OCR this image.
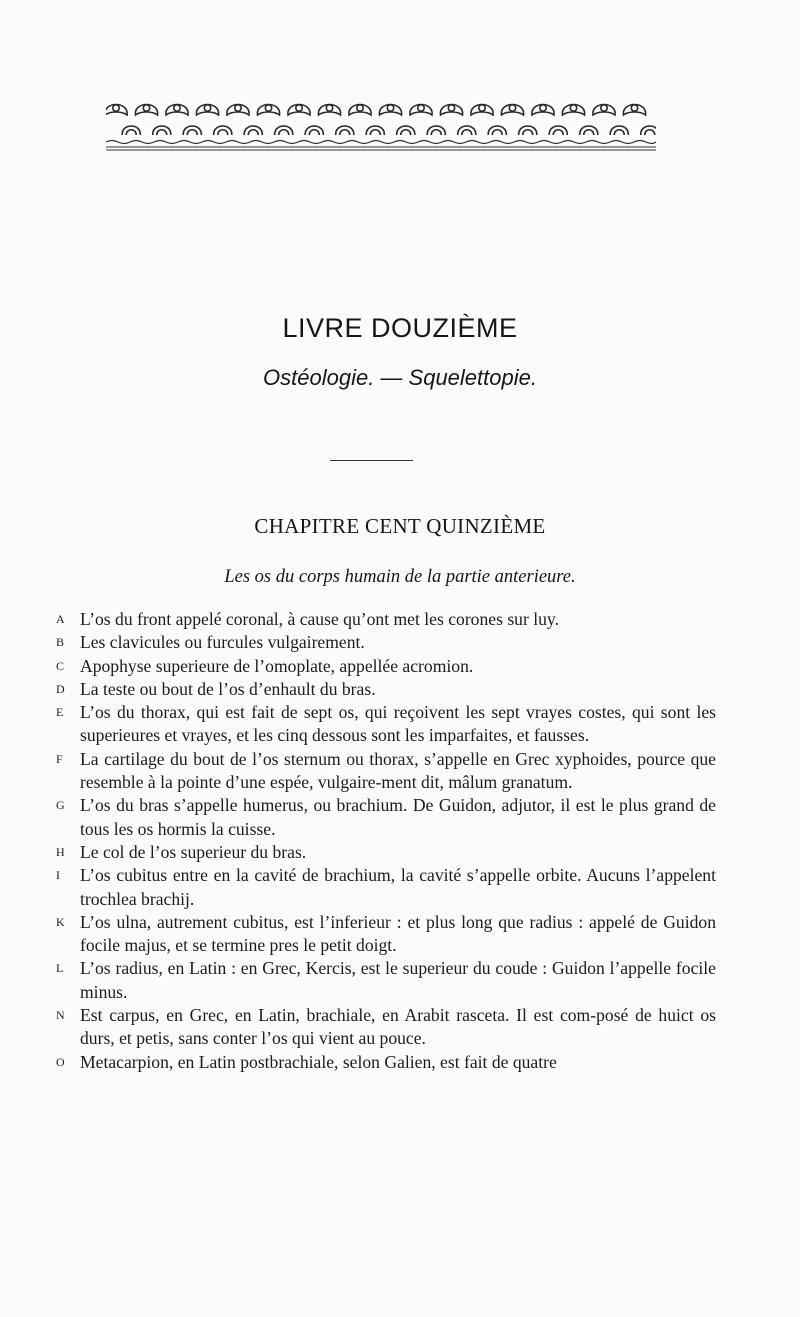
LIVRE DOUZIÈME
Ostéologie. — Squelettopie.
CHAPITRE CENT QUINZIÈME
Les os du corps humain de la partie anterieure.
A L’os du front appelé coronal, à cause qu’ont met les corones sur luy.
B Les clavicules ou furcules vulgairement.
C Apophyse superieure de l’omoplate, appellée acromion.
D La teste ou bout de l’os d’enhault du bras.
E L’os du thorax, qui est fait de sept os, qui reçoivent les sept vrayes costes, qui sont les superieures et vrayes, et les cinq dessous sont les imparfaites, et fausses.
F La cartilage du bout de l’os sternum ou thorax, s’appelle en Grec xyphoides, pource que resemble à la pointe d’une espée, vulgaire-ment dit, mâlum granatum.
G L’os du bras s’appelle humerus, ou brachium. De Guidon, adjutor, il est le plus grand de tous les os hormis la cuisse.
H Le col de l’os superieur du bras.
I	L’os cubitus entre en la cavité de brachium, la cavité s’appelle orbite. Aucuns l’appelent trochlea brachij.
K L’os ulna, autrement cubitus, est l’inferieur : et plus long que radius : appelé de Guidon focile majus, et se termine pres le petit doigt.
L L’os radius, en Latin : en Grec, Kercis, est le superieur du coude : Guidon l’appelle focile minus.
N Est carpus, en Grec, en Latin, brachiale, en Arabit rasceta. Il est com-posé de huict os durs, et petis, sans conter l’os qui vient au pouce.
O Metacarpion, en Latin postbrachiale, selon Galien, est fait de quatre
